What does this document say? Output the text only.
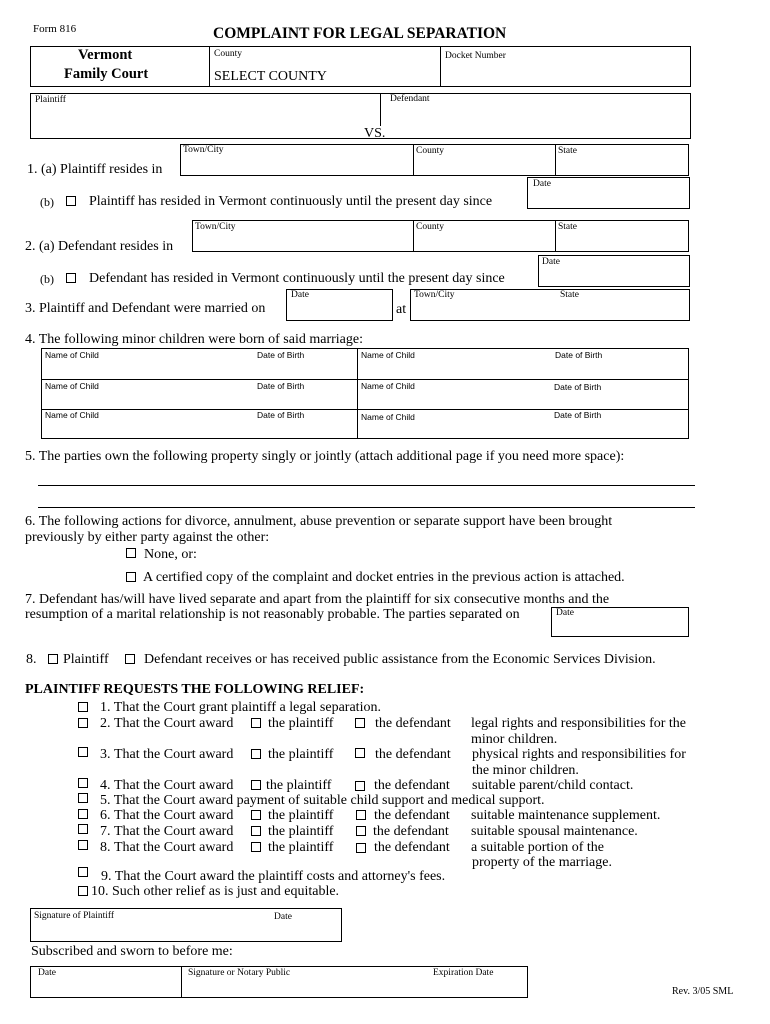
Form 816	COMPLAINT FOR LEGAL SEPARATION
Vermont
Family Court
County
SELECT COUNTY
Docket Number
Plaintiff	Defendant
VS.
Town/City	County	State
1. (a) Plaintiff resides in
Date
(b)	Plaintiff has resided in Vermont continuously until the present day since
Town/City	County	State
2. (a) Defendant resides in
Date
(b)	Defendant has resided in Vermont continuously until the present day since
3. Plaintiff and Defendant were married on
Date
at
Town/City	State
4. The following minor children were born of said marriage:
Name of Child	Date of Birth	Name of Child	Date of Birth
Name of Child	Date of Birth	Name of Child	Date of Birth
Name of Child	Date of Birth	Name of Child	Date of Birth
5. The parties own the following property singly or jointly (attach additional page if you need more space):
6. The following actions for divorce, annulment, abuse prevention or separate support have been brought
previously by either party against the other:
None, or:
A certified copy of the complaint and docket entries in the previous action is attached.
7. Defendant has/will have lived separate and apart from the plaintiff for six consecutive months and the
resumption of a marital relationship is not reasonably probable. The parties separated on	Date
8. Plaintiff	Defendant receives or has received public assistance from the Economic Services Division.
PLAINTIFF REQUESTS THE FOLLOWING RELIEF:
1. That the Court grant plaintiff a legal separation.
2. That the Court award the plaintiff	the defendant legal rights and responsibilities for the
minor children.
3. That the Court award the plaintiff	the defendant physical rights and responsibilities for
the minor children.
4. That the Court award the plaintiff	the defendant suitable parent/child contact.
5. That the Court award payment of suitable child support and medical support.
6. That the Court award the plaintiff	the defendant suitable maintenance supplement.
7. That the Court award the plaintiff	the defendant suitable spousal maintenance.
8. That the Court award the plaintiff	the defendant a suitable portion of the
property of the marriage.
9. That the Court award the plaintiff costs and attorney's fees.
10. Such other relief as is just and equitable.
Signature of Plaintiff	Date
Subscribed and sworn to before me:
Date	Signature or Notary Public	Expiration Date
Rev. 3/05 SML
